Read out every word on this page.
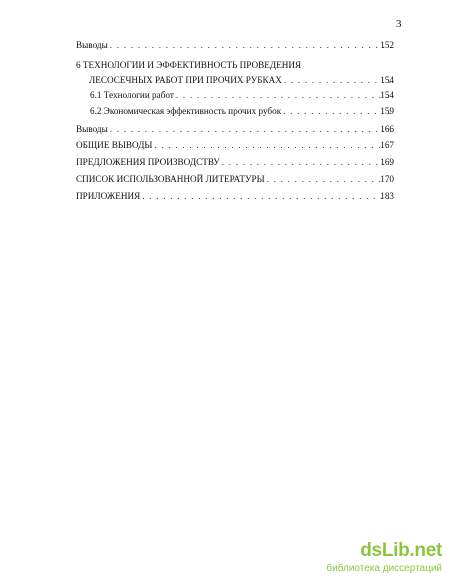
3
Выводы . . .	152
6 ТЕХНОЛОГИИ И ЭФФЕКТИВНОСТЬ ПРОВЕДЕНИЯ
ЛЕСОСЕЧНЫХ РАБОТ ПРИ ПРОЧИХ РУБКАХ . . .	154
6.1 Технологии работ . . .	154
6.2 Экономическая эффективность прочих рубок . . .	159
Выводы . . .	166
ОБЩИЕ ВЫВОДЫ . . .	167
ПРЕДЛОЖЕНИЯ ПРОИЗВОДСТВУ . . .	169
СПИСОК ИСПОЛЬЗОВАННОЙ ЛИТЕРАТУРЫ . . .	170
ПРИЛОЖЕНИЯ . . .	183
dsLib.net
библиотека диссертаций
